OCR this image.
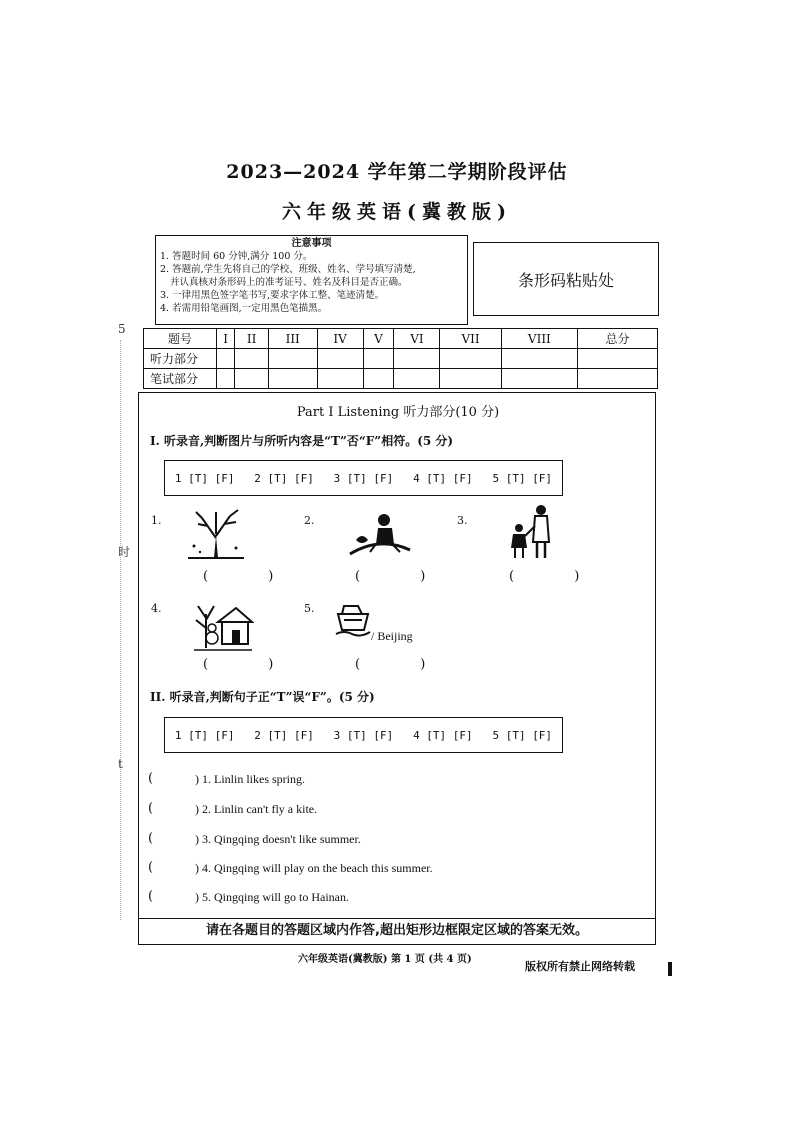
2023—2024 学年第二学期阶段评估
六年级英语(冀教版)
5
时
t
注意事项
1. 答题时间 60 分钟,满分 100 分。
2. 答题前,学生先将自己的学校、班级、姓名、学号填写清楚,
并认真核对条形码上的准考证号、姓名及科目是否正确。
3. 一律用黑色签字笔书写,要求字体工整、笔迹清楚。
4. 若需用铅笔画图,一定用黑色笔描黑。
条形码粘贴处
题号	I	II	III	IV	V	VI	VII	VIII	总分
听力部分									
笔试部分									
Part I Listening 听力部分(10 分)
I. 听录音,判断图片与所听内容是“T”否“F”相符。(5 分)
1 [T] [F] 2 [T] [F] 3 [T] [F] 4 [T] [F] 5 [T] [F]
1.
( )
2.
( )
3.
( )
4.
( )
5.
/ Beijing
( )
II. 听录音,判断句子正“T”误“F”。(5 分)
1 [T] [F] 2 [T] [F] 3 [T] [F] 4 [T] [F] 5 [T] [F]
(	) 1. Linlin likes spring.
(	) 2. Linlin can't fly a kite.
(	) 3. Qingqing doesn't like summer.
(	) 4. Qingqing will play on the beach this summer.
(	) 5. Qingqing will go to Hainan.
请在各题目的答题区域内作答,超出矩形边框限定区域的答案无效。
六年级英语(冀教版) 第 1 页 (共 4 页)
版权所有禁止网络转载
